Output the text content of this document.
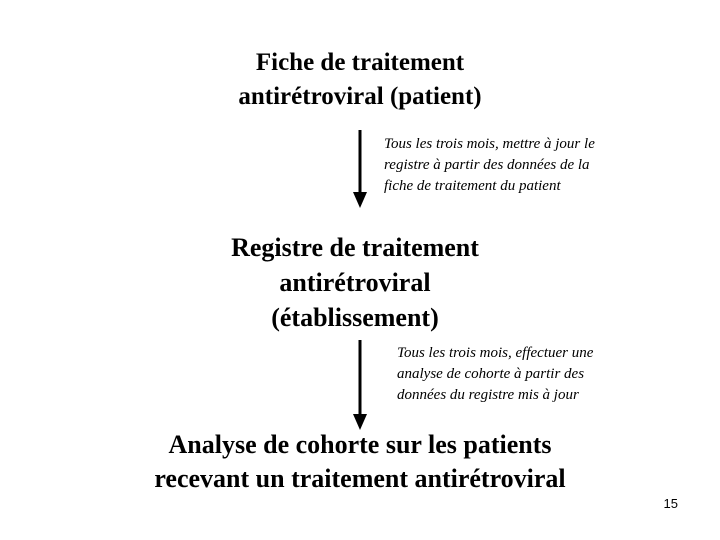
Fiche de traitement
antirétroviral (patient)
Tous les trois mois, mettre à jour le
registre à partir des données de la
fiche de traitement du patient
Registre de traitement
antirétroviral
(établissement)
Tous les trois mois, effectuer une
analyse de cohorte à partir des
données du registre mis à jour
Analyse de cohorte sur les patients
recevant un traitement antirétroviral
15
